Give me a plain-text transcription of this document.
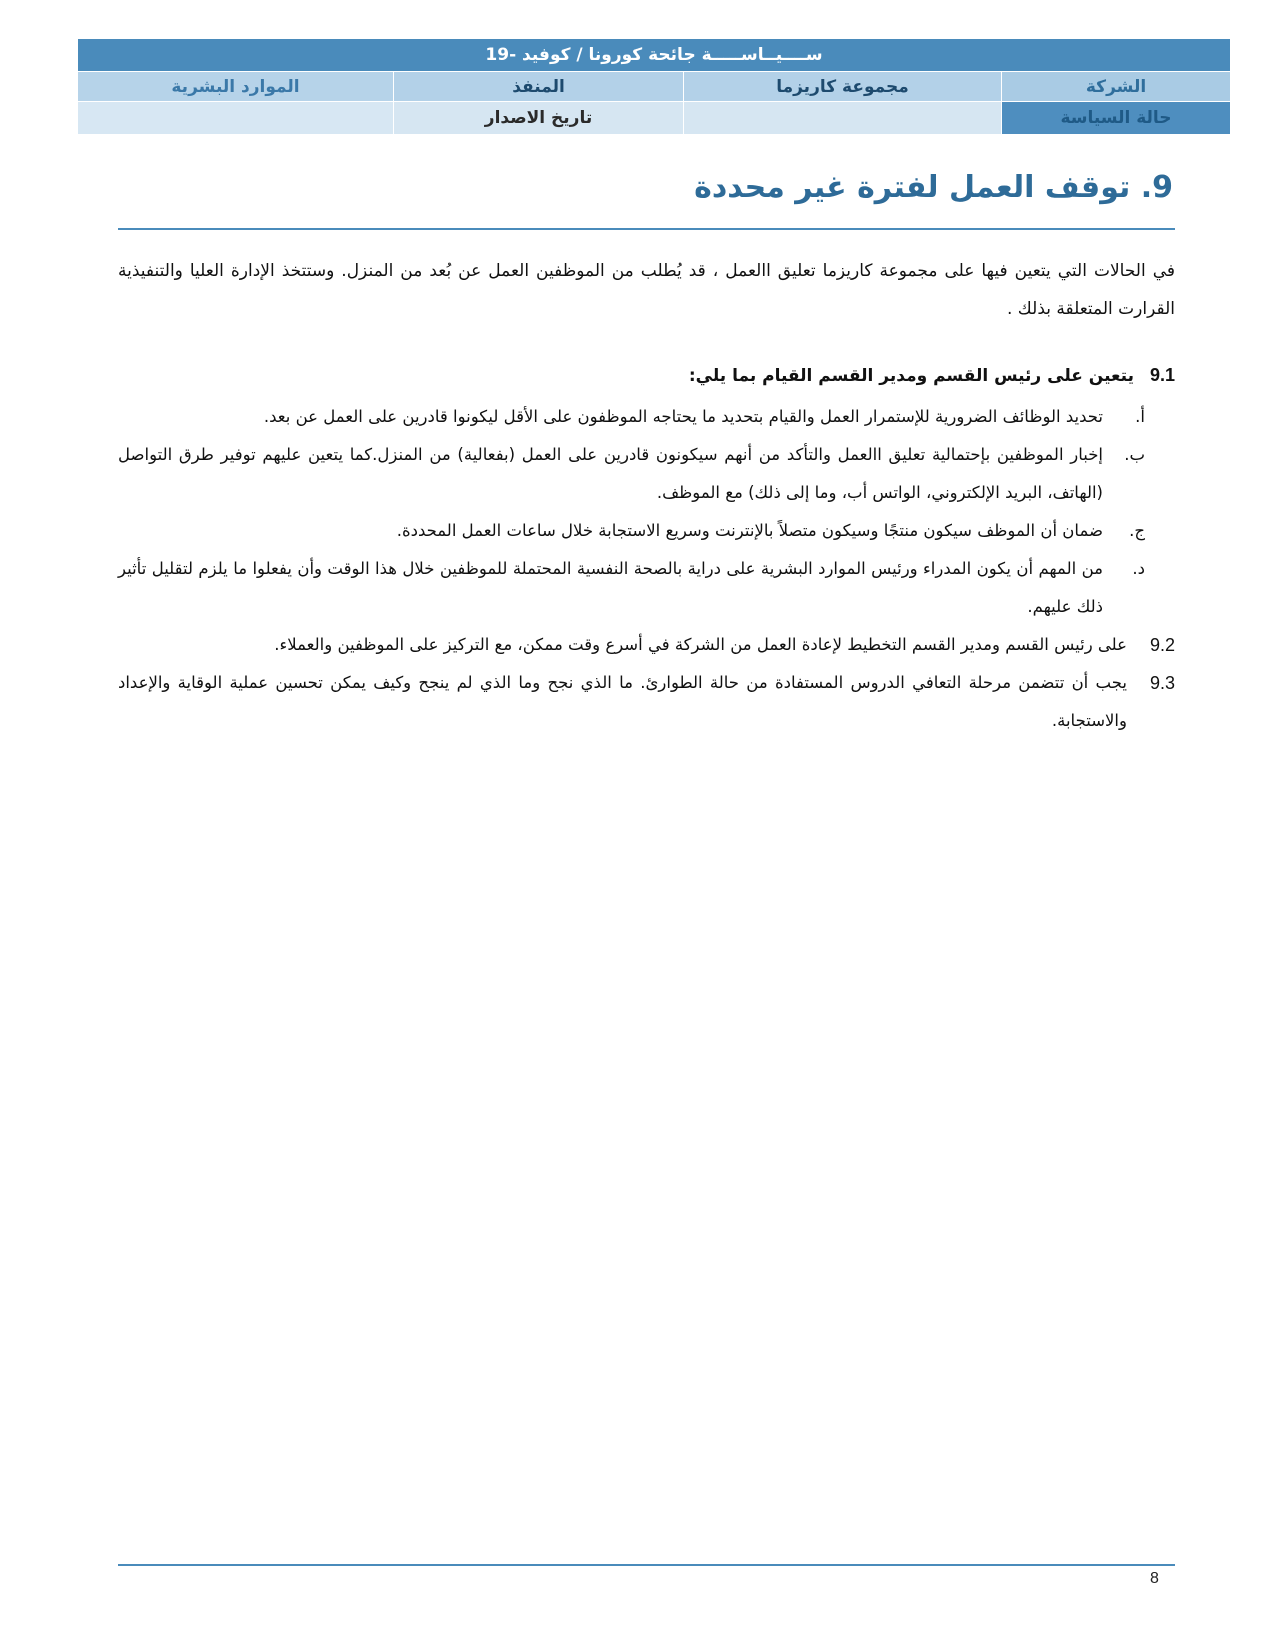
ســــيــاســـــة جائحة كورونا / كوفيد -19			
الشركة	مجموعة كاريزما	المنفذ	الموارد البشرية
حالة السياسة		تاريخ الاصدار	
9. توقف العمل لفترة غير محددة
في الحالات التي يتعين فيها على مجموعة كاريزما تعليق االعمل ، قد يُطلب من الموظفين العمل عن بُعد من المنزل. وستتخذ الإدارة العليا والتنفيذية القرارت المتعلقة بذلك .
9.1يتعين على رئيس القسم ومدير القسم القيام بما يلي:
أ.
تحديد الوظائف الضرورية للإستمرار العمل والقيام بتحديد ما يحتاجه الموظفون على الأقل ليكونوا قادرين على العمل عن بعد.
ب.
إخبار الموظفين بإحتمالية تعليق االعمل والتأكد من أنهم سيكونون قادرين على العمل (بفعالية) من المنزل.كما يتعين عليهم توفير طرق التواصل (الهاتف، البريد الإلكتروني، الواتس أب، وما إلى ذلك) مع الموظف.
ج.
ضمان أن الموظف سيكون منتجًا وسيكون متصلاً بالإنترنت وسريع الاستجابة خلال ساعات العمل المحددة.
د.
من المهم أن يكون المدراء ورئيس الموارد البشرية على دراية بالصحة النفسية المحتملة للموظفين خلال هذا الوقت وأن يفعلوا ما يلزم لتقليل تأثير ذلك عليهم.
9.2
على رئيس القسم ومدير القسم التخطيط لإعادة العمل من الشركة في أسرع وقت ممكن، مع التركيز على الموظفين والعملاء.
9.3
يجب أن تتضمن مرحلة التعافي الدروس المستفادة من حالة الطوارئ. ما الذي نجح وما الذي لم ينجح وكيف يمكن تحسين عملية الوقاية والإعداد والاستجابة.
8
